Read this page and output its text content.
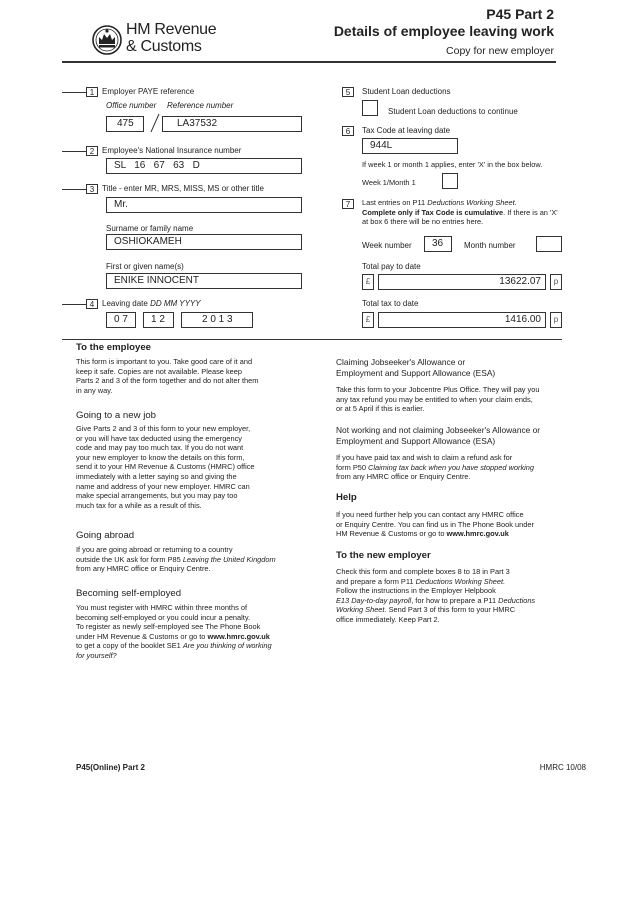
HM Revenue
& Customs
P45 Part 2
Details of employee leaving work
Copy for new employer
1 Employer PAYE reference
Office number Reference number
475	LA37532
2 Employee's National Insurance number
SL   16   67   63   D
3 Title - enter MR, MRS, MISS, MS or other title
Mr.
Surname or family name
OSHIOKAMEH
First or given name(s)
ENIKE INNOCENT
4 Leaving date DD MM YYYY
0 7	1 2	2 0 1 3
5	Student Loan deductions
Student Loan deductions to continue
6	Tax Code at leaving date
944L
If week 1 or month 1 applies, enter 'X' in the box below.
Week 1/Month 1
7	Last entries on P11 Deductions Working Sheet.
Complete only if Tax Code is cumulative. If there is an 'X'
at box 6 there will be no entries here.
Week number	36	Month number
Total pay to date
£	13622.07	p
Total tax to date
£	1416.00	p
To the employee
This form is important to you. Take good care of it and
keep it safe. Copies are not available. Please keep
Parts 2 and 3 of the form together and do not alter them
in any way.
Going to a new job
Give Parts 2 and 3 of this form to your new employer,
or you will have tax deducted using the emergency
code and may pay too much tax. If you do not want
your new employer to know the details on this form,
send it to your HM Revenue & Customs (HMRC) office
immediately with a letter saying so and giving the
name and address of your new employer. HMRC can
make special arrangements, but you may pay too
much tax for a while as a result of this.
Going abroad
If you are going abroad or returning to a country
outside the UK ask for form P85 Leaving the United Kingdom
from any HMRC office or Enquiry Centre.
Becoming self-employed
You must register with HMRC within three months of
becoming self-employed or you could incur a penalty.
To register as newly self-employed see The Phone Book
under HM Revenue & Customs or go to www.hmrc.gov.uk
to get a copy of the booklet SE1 Are you thinking of working
for yourself?
Claiming Jobseeker's Allowance or
Employment and Support Allowance (ESA)
Take this form to your Jobcentre Plus Office. They will pay you
any tax refund you may be entitled to when your claim ends,
or at 5 April if this is earlier.
Not working and not claiming Jobseeker's Allowance or
Employment and Support Allowance (ESA)
If you have paid tax and wish to claim a refund ask for
form P50 Claiming tax back when you have stopped working
from any HMRC office or Enquiry Centre.
Help
If you need further help you can contact any HMRC office
or Enquiry Centre. You can find us in The Phone Book under
HM Revenue & Customs or go to www.hmrc.gov.uk
To the new employer
Check this form and complete boxes 8 to 18 in Part 3
and prepare a form P11 Deductions Working Sheet.
Follow the instructions in the Employer Helpbook
E13 Day-to-day payroll, for how to prepare a P11 Deductions
Working Sheet. Send Part 3 of this form to your HMRC
office immediately. Keep Part 2.
P45(Online) Part 2	HMRC 10/08
